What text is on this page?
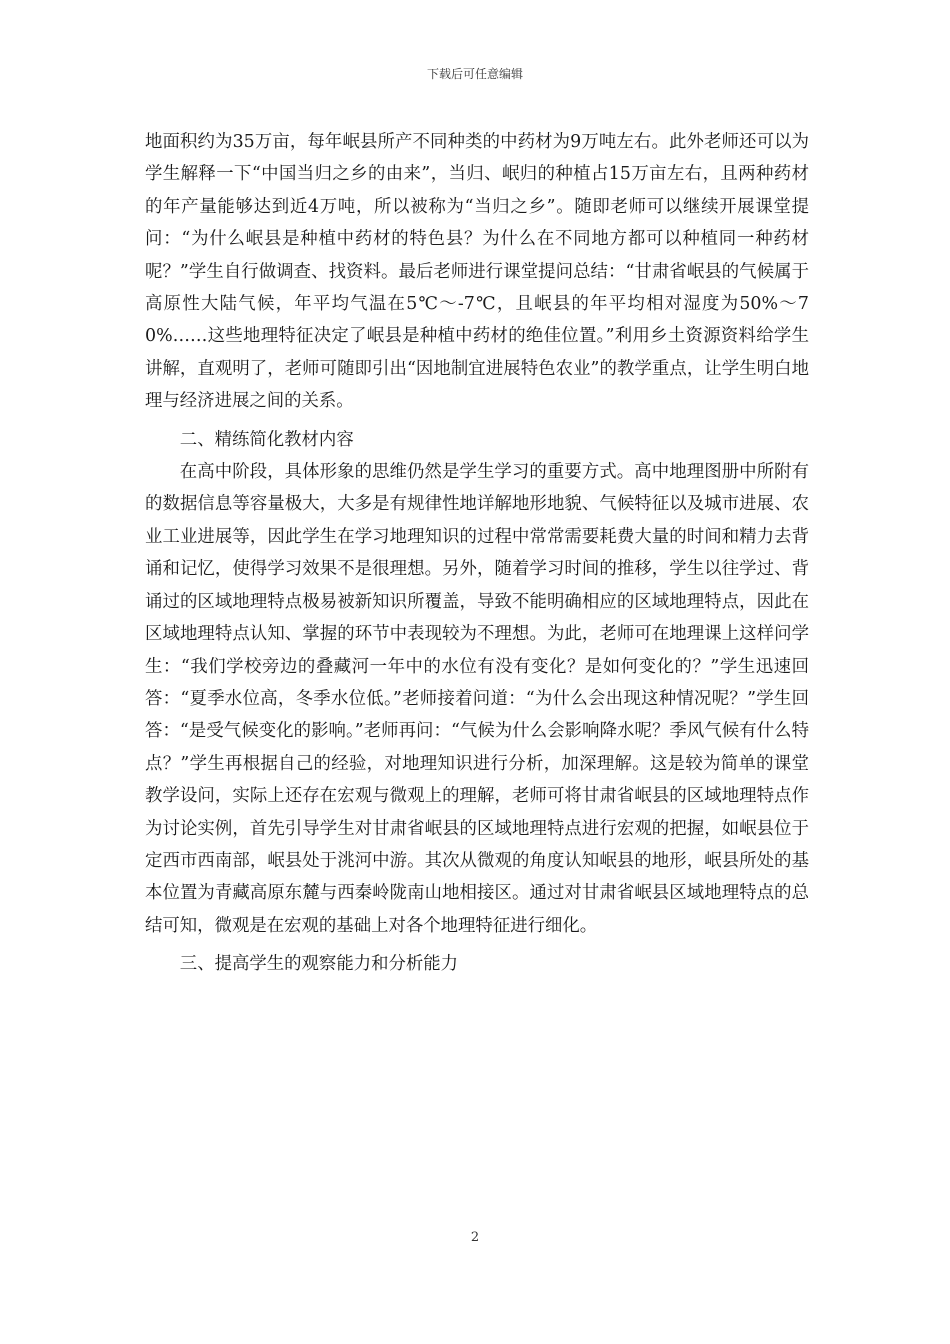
下载后可任意编辑

地面积约为35万亩，每年岷县所产不同种类的中药材为9万吨左右。此外老师还可以为学生解释一下“中国当归之乡的由来”，当归、岷归的种植占15万亩左右，且两种药材的年产量能够达到近4万吨，所以被称为“当归之乡”。随即老师可以继续开展课堂提问：“为什么岷县是种植中药材的特色县？为什么在不同地方都可以种植同一种药材呢？”学生自行做调查、找资料。最后老师进行课堂提问总结：“甘肃省岷县的气候属于高原性大陆气候，年平均气温在5℃～-7℃，且岷县的年平均相对湿度为50%～70%……这些地理特征决定了岷县是种植中药材的绝佳位置。”利用乡土资源资料给学生讲解，直观明了，老师可随即引出“因地制宜进展特色农业”的教学重点，让学生明白地理与经济进展之间的关系。

二、精练简化教材内容

在高中阶段，具体形象的思维仍然是学生学习的重要方式。高中地理图册中所附有的数据信息等容量极大，大多是有规律性地详解地形地貌、气候特征以及城市进展、农业工业进展等，因此学生在学习地理知识的过程中常常需要耗费大量的时间和精力去背诵和记忆，使得学习效果不是很理想。另外，随着学习时间的推移，学生以往学过、背诵过的区域地理特点极易被新知识所覆盖，导致不能明确相应的区域地理特点，因此在区域地理特点认知、掌握的环节中表现较为不理想。为此，老师可在地理课上这样问学生：“我们学校旁边的叠藏河一年中的水位有没有变化？是如何变化的？”学生迅速回答：“夏季水位高，冬季水位低。”老师接着问道：“为什么会出现这种情况呢？”学生回答：“是受气候变化的影响。”老师再问：“气候为什么会影响降水呢？季风气候有什么特点？”学生再根据自己的经验，对地理知识进行分析，加深理解。这是较为简单的课堂教学设问，实际上还存在宏观与微观上的理解，老师可将甘肃省岷县的区域地理特点作为讨论实例，首先引导学生对甘肃省岷县的区域地理特点进行宏观的把握，如岷县位于定西市西南部，岷县处于洮河中游。其次从微观的角度认知岷县的地形，岷县所处的基本位置为青藏高原东麓与西秦岭陇南山地相接区。通过对甘肃省岷县区域地理特点的总结可知，微观是在宏观的基础上对各个地理特征进行细化。

三、提高学生的观察能力和分析能力
2
